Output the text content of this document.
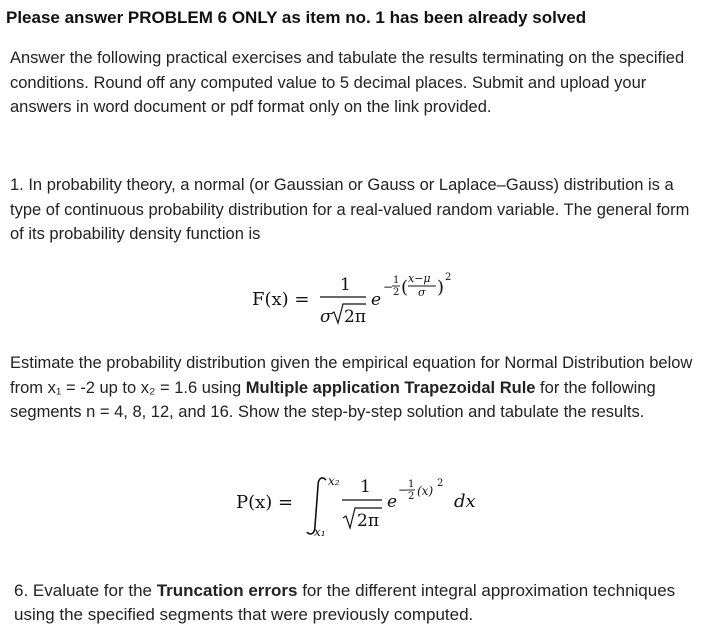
Please answer PROBLEM 6 ONLY as item no. 1 has been already solved
Answer the following practical exercises and tabulate the results terminating on the specified conditions. Round off any computed value to 5 decimal places. Submit and upload your answers in word document or pdf format only on the link provided.
1. In probability theory, a normal (or Gaussian or Gauss or Laplace–Gauss) distribution is a type of continuous probability distribution for a real-valued random variable. The general form of its probability density function is
F(x) =
1
σ 2π
e
− 1
2 ( x−μ
σ ) 2
Estimate the probability distribution given the empirical equation for Normal Distribution below from x₁ = -2 up to x₂ = 1.6 using Multiple application Trapezoidal Rule for the following segments n = 4, 8, 12, and 16. Show the step-by-step solution and tabulate the results.
P(x) =
x₂
x₁
1
2π
e
− 1
2 (x)
2
dx
6. Evaluate for the Truncation errors for the different integral approximation techniques using the specified segments that were previously computed.
